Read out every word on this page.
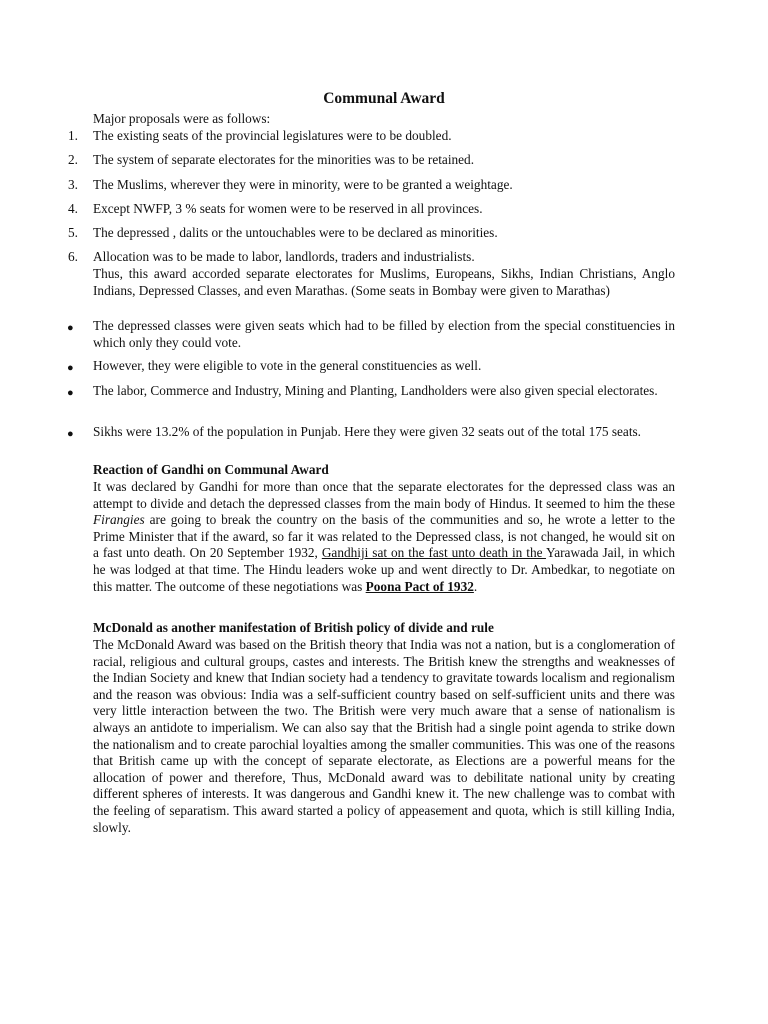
Communal Award
Major proposals were as follows:
1.	The existing seats of the provincial legislatures were to be doubled.
2.	The system of separate electorates for the minorities was to be retained.
3.	The Muslims, wherever they were in minority, were to be granted a weightage.
4.	Except NWFP, 3 % seats for women were to be reserved in all provinces.
5.	The depressed , dalits or the untouchables were to be declared as minorities.
6.	Allocation was to be made to labor, landlords, traders and industrialists.
Thus, this award accorded separate electorates for Muslims, Europeans, Sikhs, Indian Christians, Anglo Indians, Depressed Classes, and even Marathas. (Some seats in Bombay were given to Marathas)
● The depressed classes were given seats which had to be filled by election from the special constituencies in which only they could vote.
● However, they were eligible to vote in the general constituencies as well.
● The labor, Commerce and Industry, Mining and Planting, Landholders were also given special electorates.
● Sikhs were 13.2% of the population in Punjab. Here they were given 32 seats out of the total 175 seats.
Reaction of Gandhi on Communal Award
It was declared by Gandhi for more than once that the separate electorates for the depressed class was an attempt to divide and detach the depressed classes from the main body of Hindus. It seemed to him the these Firangies are going to break the country on the basis of the communities and so, he wrote a letter to the Prime Minister that if the award, so far it was related to the Depressed class, is not changed, he would sit on a fast unto death. On 20 September 1932, Gandhiji sat on the fast unto death in the Yarawada Jail, in which he was lodged at that time. The Hindu leaders woke up and went directly to Dr. Ambedkar, to negotiate on this matter. The outcome of these negotiations was Poona Pact of 1932.
McDonald as another manifestation of British policy of divide and rule
The McDonald Award was based on the British theory that India was not a nation, but is a conglomeration of racial, religious and cultural groups, castes and interests. The British knew the strengths and weaknesses of the Indian Society and knew that Indian society had a tendency to gravitate towards localism and regionalism and the reason was obvious: India was a self-sufficient country based on self-sufficient units and there was very little interaction between the two. The British were very much aware that a sense of nationalism is always an antidote to imperialism. We can also say that the British had a single point agenda to strike down the nationalism and to create parochial loyalties among the smaller communities. This was one of the reasons that British came up with the concept of separate electorate, as Elections are a powerful means for the allocation of power and therefore, Thus, McDonald award was to debilitate national unity by creating different spheres of interests. It was dangerous and Gandhi knew it. The new challenge was to combat with the feeling of separatism. This award started a policy of appeasement and quota, which is still killing India, slowly.
